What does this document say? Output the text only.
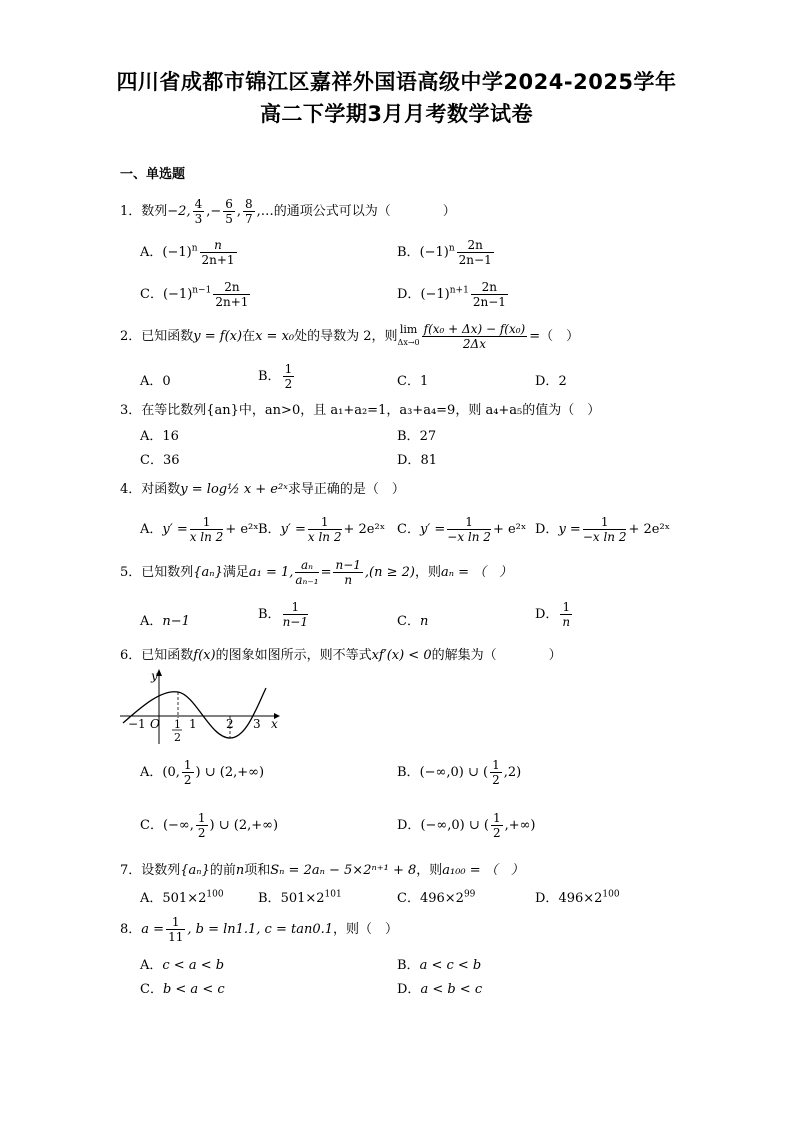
四川省成都市锦江区嘉祥外国语高级中学2024-2025学年
高二下学期3月月考数学试卷
一、单选题
1．数列−2, $\frac{4}{3}$ ,− $\frac{6}{5}$ , $\frac{8}{7}$ ,…的通项公式可以为（　　　　）
A．$(-1)^n \frac{n}{2n+1}$	B．$(-1)^n \frac{2n}{2n-1}$
C．$(-1)^{n-1} \frac{2n}{2n+1}$	D．$(-1)^{n+1} \frac{2n}{2n-1}$
2．已知函数y = f(x)在x = x₀处的导数为 2，则 lim
$\Delta x\to 0 \frac{\text{f(x₀ + Δx) − f(x₀)}}{2\Delta x}$ =（　）
A．0	B． $\frac{1}{2}$	C．1	D．2
3．在等比数列{an}中，an>0，且 a₁+a₂=1，a₃+a₄=9，则 a₄+a₅的值为（　）
A．16	B．27
C．36	D．81
4．对函数y = log½ x + e²ˣ求导正确的是（　）
A．$y' = \frac{1}{\text{x ln 2}}$ + e²ˣ B．$y' = \frac{1}{\text{x ln 2}}$ + 2e²ˣ C．$y' = \frac{1}{\text{−x ln 2}}$ + e²ˣ D．$y = \frac{1}{\text{−x ln 2}}$ + 2e²ˣ
5．已知数列{aₙ}满足a₁ = 1, $\frac{\text{aₙ}}{\text{aₙ₋₁}} = \frac{n-1}{n} ,(n \ge 2)$，则aₙ = （　）
A．n−1	B． $\frac{1}{n-1}$	C．n	D． $\frac{1}{n}$
6．已知函数f(x)的图象如图所示，则不等式xf′(x) < 0的解集为（　　　　）
y
x
O
−1	1
2
1 2 3
A．(0, $\frac{1}{2}$ ) ∪ (2,+∞)	B．(−∞,0) ∪ ( $\frac{1}{2} ,2$)
C．(−∞, $\frac{1}{2}$ ) ∪ (2,+∞)	D．(−∞,0) ∪ ( $\frac{1}{2}$ ,+∞)
7．设数列{aₙ}的前n项和Sₙ = 2aₙ − 5×2ⁿ⁺¹ + 8，则a₁₀₀ = （　）
A．$501\times 2^{100}$	B．$501\times 2^{101}$	C．$496\times 2^{99}$	D．$496\times 2^{100}$
8．$a = \frac{1}{11}$ , b = ln1.1, c = tan0.1，则（　）
A．c < a < b	B．a < c < b
C．b < a < c	D．a < b < c
